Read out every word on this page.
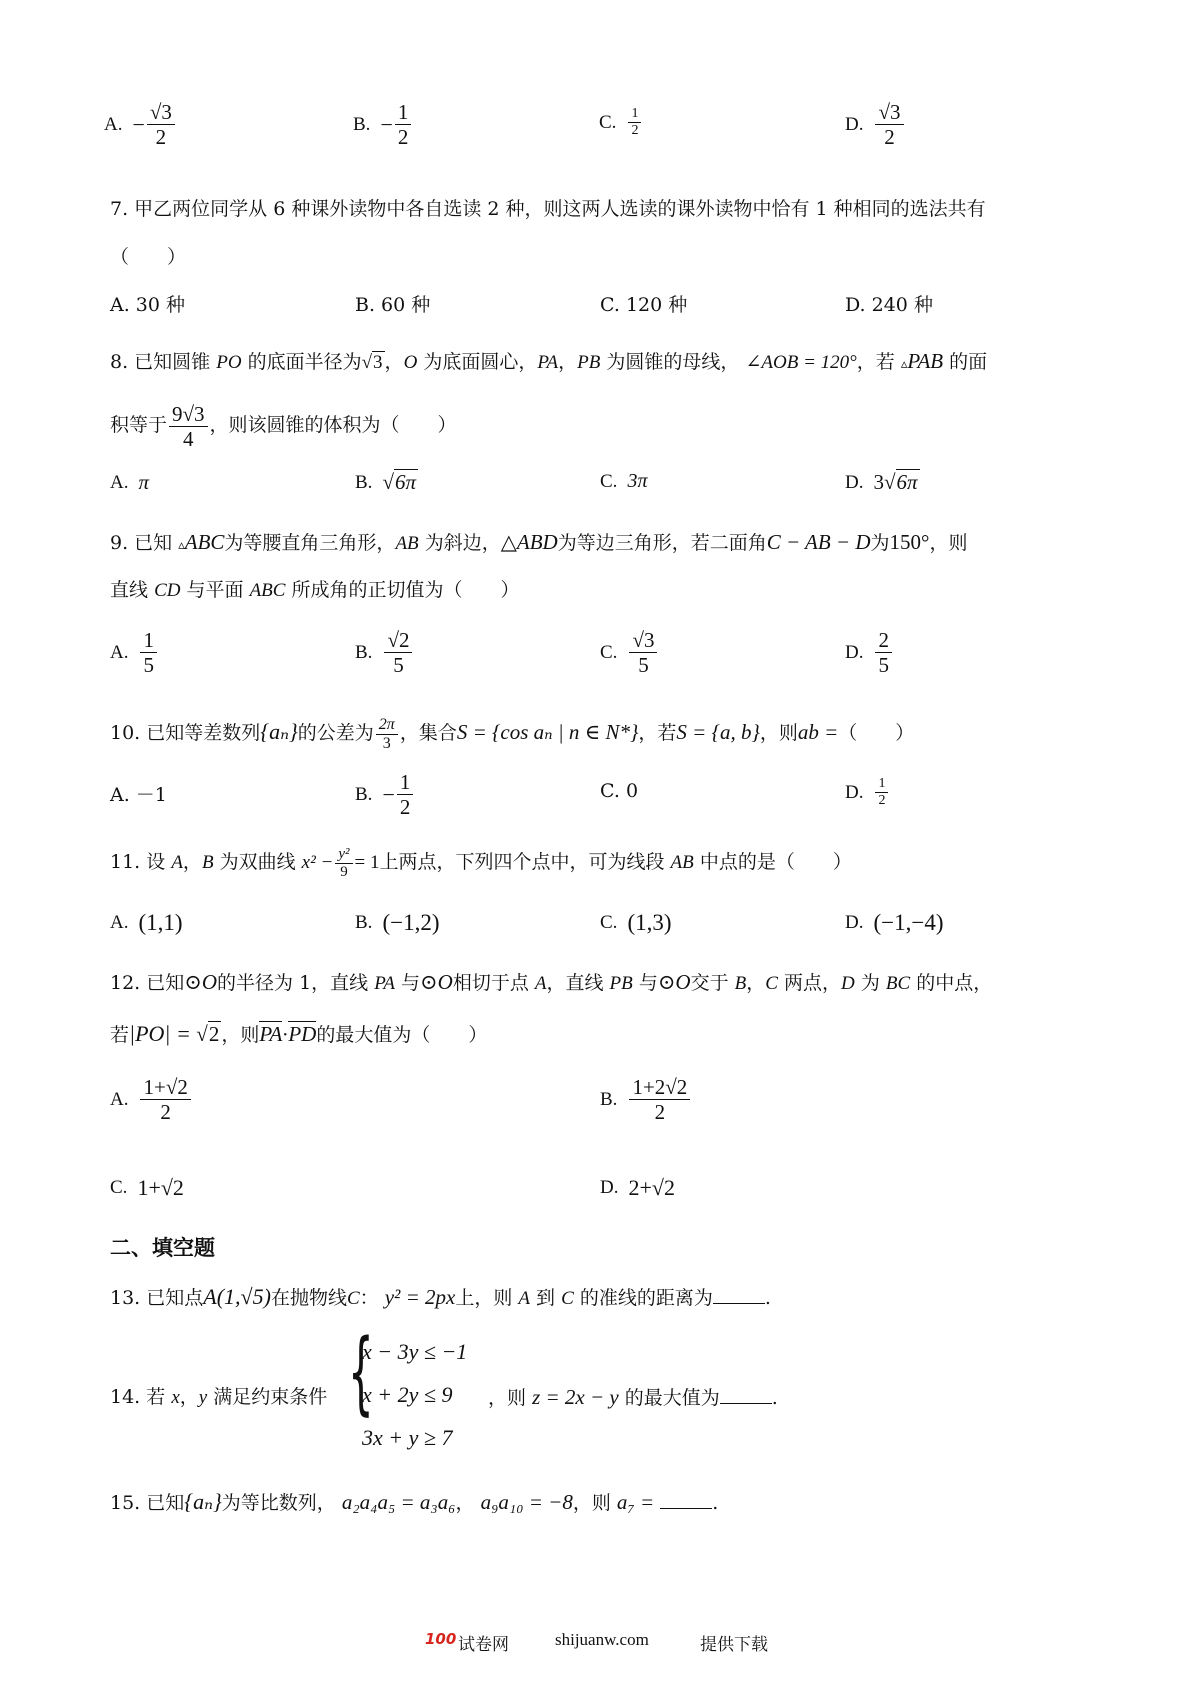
A. − $\frac{√3}{2}$	B. − $\frac{1}{2}$	C. $\frac{1}{2}$	D. $\frac{√3}{2}$
7. 甲乙两位同学从 6 种课外读物中各自选读 2 种，则这两人选读的课外读物中恰有 1 种相同的选法共有
（　　）
A. 30 种	B. 60 种	C. 120 种	D. 240 种
8. 已知圆锥 PO 的底面半径为√3 ，O 为底面圆心，PA，PB 为圆锥的母线， ∠AOB = 120°，若 ▵PAB 的面
积等于 $\frac{9√3}{4}$ ，则该圆锥的体积为（　　）
A. π	B. √6π	C. 3π	D. 3 √6π
9. 已知 ▵ABC为等腰直角三角形，AB 为斜边，△ABD为等边三角形，若二面角C − AB − D为150°，则
直线 CD 与平面 ABC 所成角的正切值为（　　）
A. $\frac{1}{5}$	B. $\frac{√2}{5}$	C. $\frac{√3}{5}$	D. $\frac{2}{5}$
10. 已知等差数列{aₙ}的公差为 $\frac{2\pi}{3}$ ，集合S = {cos aₙ | n ∈ N*}，若S = {a, b}，则ab =（　　）
A. －1	B. − $\frac{1}{2}$	C. 0	D. $\frac{1}{2}$
11. 设 A，B 为双曲线 $x^2 - \frac{\text{y²}}{9} = 1$上两点，下列四个点中，可为线段 AB 中点的是（　　）
A. (1,1)	B. (−1,2)	C. (1,3)	D. (−1,−4)
12. 已知⊙O的半径为 1，直线 PA 与⊙O相切于点 A，直线 PB 与⊙O交于 B，C 两点，D 为 BC 的中点，
若|PO| = √2 ，则PA·PD的最大值为（　　）
A. $\frac{1+√2}{2}$	B. $\frac{1+2√2}{2}$
C. 1+√2	D. 2+√2
二、填空题
13. 已知点A(1,√5)在抛物线C： y² = 2px上，则 A 到 C 的准线的距离为	.
14. 若 x，y 满足约束条件 {
x − 3y ≤ −1
x + 2y ≤ 9
3x + y ≥ 7
，则 z = 2x − y 的最大值为	.
15. 已知{aₙ}为等比数列， a₂a₄a₅ = a₃a₆， a₉a₁₀ = −8，则 a₇ =	.
100 试卷网	shijuanw.com	提供下载
